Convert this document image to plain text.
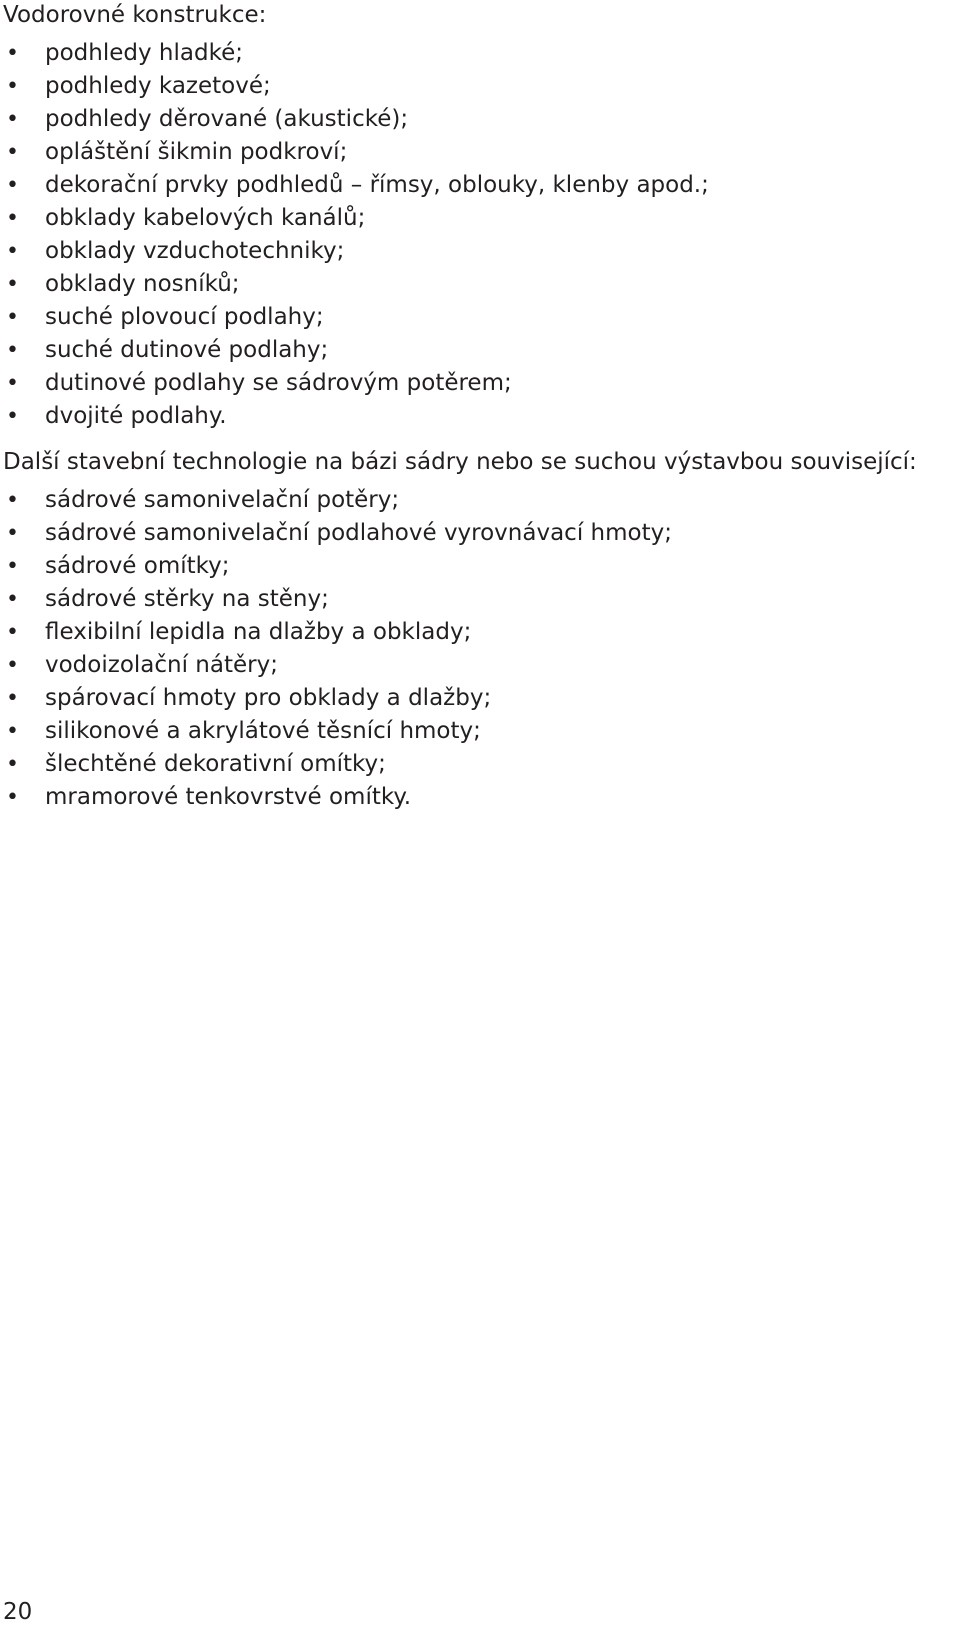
Vodorovné konstrukce:
• podhledy hladké;
• podhledy kazetové;
• podhledy děrované (akustické);
• opláštění šikmin podkroví;
• dekorační prvky podhledů – římsy, oblouky, klenby apod.;
• obklady kabelových kanálů;
• obklady vzduchotechniky;
• obklady nosníků;
• suché plovoucí podlahy;
• suché dutinové podlahy;
• dutinové podlahy se sádrovým potěrem;
• dvojité podlahy.
Další stavební technologie na bázi sádry nebo se suchou výstavbou související:
• sádrové samonivelační potěry;
• sádrové samonivelační podlahové vyrovnávací hmoty;
• sádrové omítky;
• sádrové stěrky na stěny;
• flexibilní lepidla na dlažby a obklady;
• vodoizolační nátěry;
• spárovací hmoty pro obklady a dlažby;
• silikonové a akrylátové těsnící hmoty;
• šlechtěné dekorativní omítky;
• mramorové tenkovrstvé omítky.
20
